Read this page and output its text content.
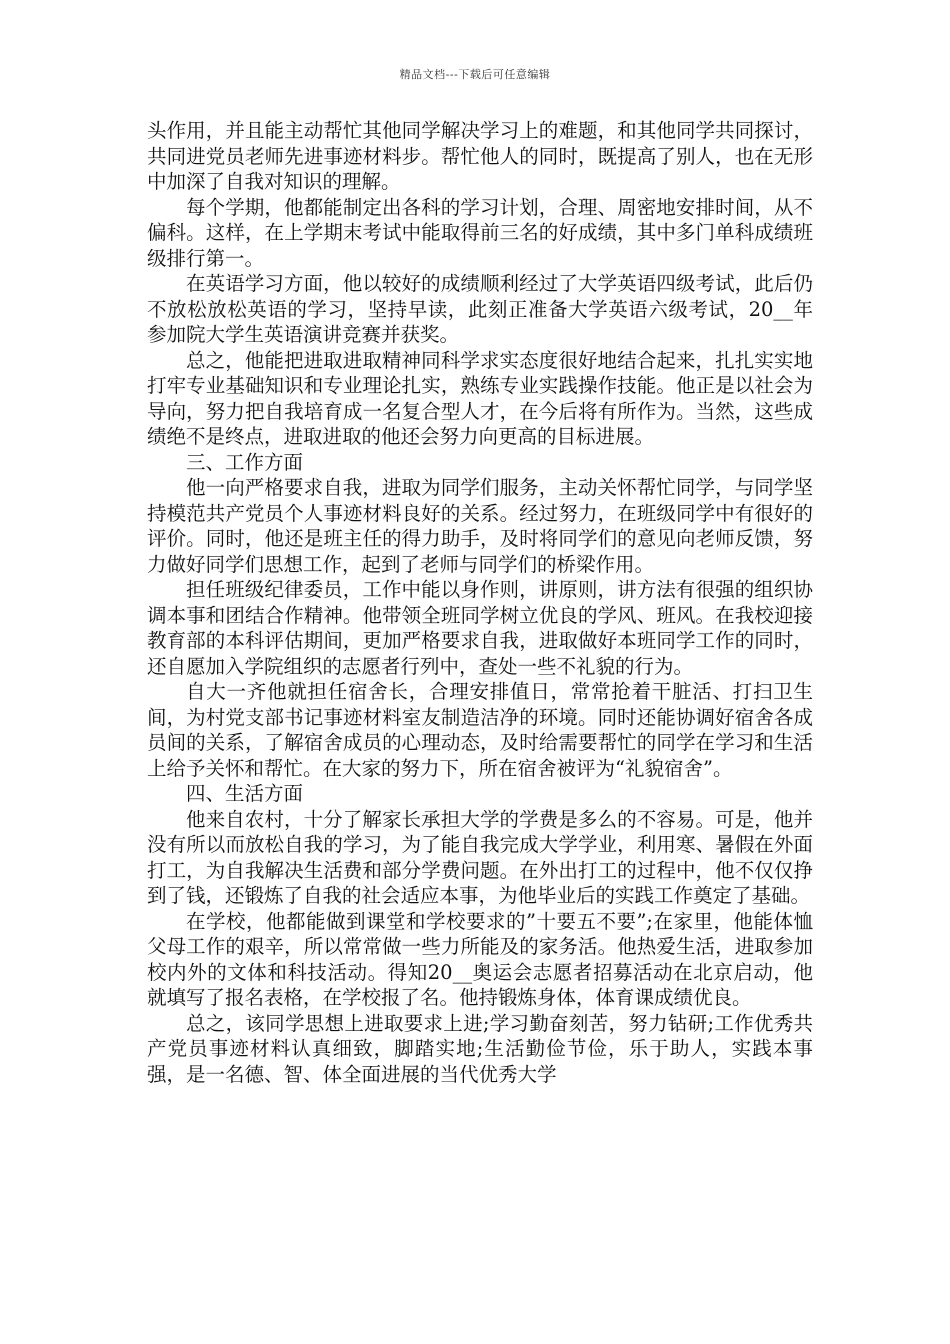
精品文档---下载后可任意编辑

头作用，并且能主动帮忙其他同学解决学习上的难题，和其他同学共同探讨，共同进党员老师先进事迹材料步。帮忙他人的同时，既提高了别人，也在无形中加深了自我对知识的理解。

每个学期，他都能制定出各科的学习计划，合理、周密地安排时间，从不偏科。这样，在上学期末考试中能取得前三名的好成绩，其中多门单科成绩班级排行第一。

在英语学习方面，他以较好的成绩顺利经过了大学英语四级考试，此后仍不放松放松英语的学习，坚持早读，此刻正准备大学英语六级考试，20__年参加院大学生英语演讲竞赛并获奖。

总之，他能把进取进取精神同科学求实态度很好地结合起来，扎扎实实地打牢专业基础知识和专业理论扎实，熟练专业实践操作技能。他正是以社会为导向，努力把自我培育成一名复合型人才，在今后将有所作为。当然，这些成绩绝不是终点，进取进取的他还会努力向更高的目标进展。

三、工作方面

他一向严格要求自我，进取为同学们服务，主动关怀帮忙同学，与同学坚持模范共产党员个人事迹材料良好的关系。经过努力，在班级同学中有很好的评价。同时，他还是班主任的得力助手，及时将同学们的意见向老师反馈，努力做好同学们思想工作，起到了老师与同学们的桥梁作用。

担任班级纪律委员，工作中能以身作则，讲原则，讲方法有很强的组织协调本事和团结合作精神。他带领全班同学树立优良的学风、班风。在我校迎接教育部的本科评估期间，更加严格要求自我，进取做好本班同学工作的同时，还自愿加入学院组织的志愿者行列中，查处一些不礼貌的行为。

自大一齐他就担任宿舍长，合理安排值日，常常抢着干脏活、打扫卫生间，为村党支部书记事迹材料室友制造洁净的环境。同时还能协调好宿舍各成员间的关系，了解宿舍成员的心理动态，及时给需要帮忙的同学在学习和生活上给予关怀和帮忙。在大家的努力下，所在宿舍被评为“礼貌宿舍”。

四、生活方面

他来自农村，十分了解家长承担大学的学费是多么的不容易。可是，他并没有所以而放松自我的学习，为了能自我完成大学学业，利用寒、暑假在外面打工，为自我解决生活费和部分学费问题。在外出打工的过程中，他不仅仅挣到了钱，还锻炼了自我的社会适应本事，为他毕业后的实践工作奠定了基础。

在学校，他都能做到课堂和学校要求的”十要五不要”;在家里，他能体恤父母工作的艰辛，所以常常做一些力所能及的家务活。他热爱生活，进取参加校内外的文体和科技活动。得知20__奥运会志愿者招募活动在北京启动，他就填写了报名表格，在学校报了名。他持锻炼身体，体育课成绩优良。

总之，该同学思想上进取要求上进;学习勤奋刻苦，努力钻研;工作优秀共产党员事迹材料认真细致，脚踏实地;生活勤俭节俭，乐于助人，实践本事强，是一名德、智、体全面进展的当代优秀大学
